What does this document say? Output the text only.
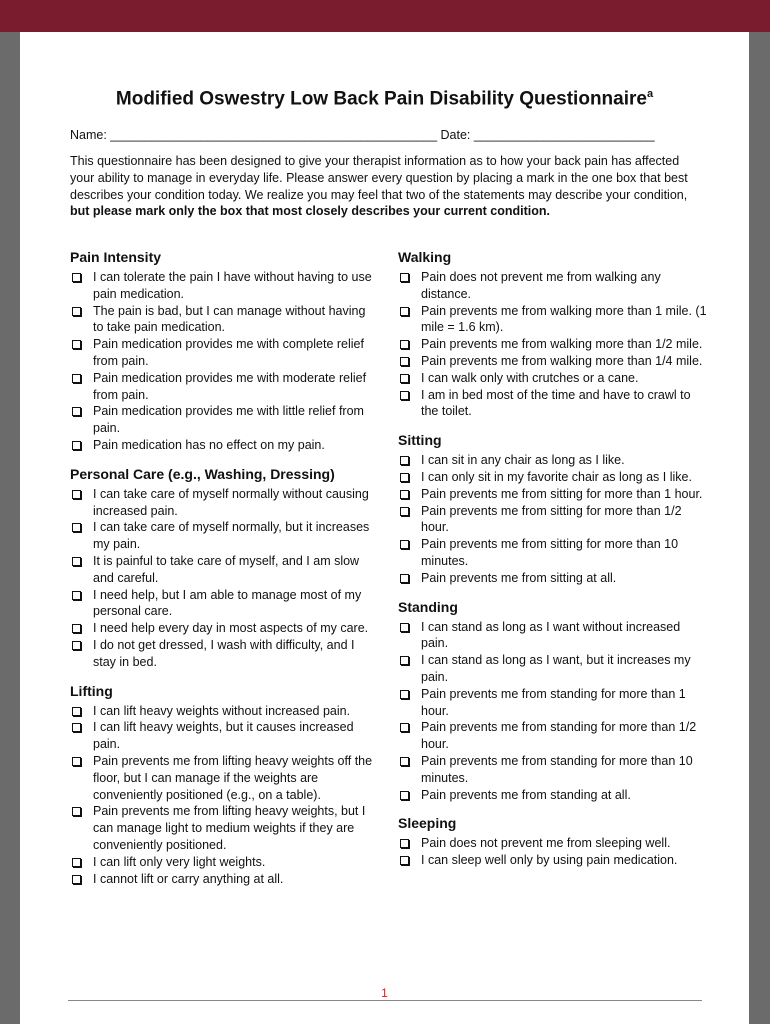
Modified Oswestry Low Back Pain Disability Questionnaire$^a$
Name: _______________________________________________ Date: __________________________

This questionnaire has been designed to give your therapist information as to how your back pain has affected your ability to manage in everyday life. Please answer every question by placing a mark in the one box that best describes your condition today. We realize you may feel that two of the statements may describe your condition, but please mark only the box that most closely describes your current condition.

Pain Intensity
I can tolerate the pain I have without having to use pain medication.
The pain is bad, but I can manage without having to take pain medication.
Pain medication provides me with complete relief from pain.
Pain medication provides me with moderate relief from pain.
Pain medication provides me with little relief from pain.
Pain medication has no effect on my pain.
Personal Care (e.g., Washing, Dressing)
I can take care of myself normally without causing increased pain.
I can take care of myself normally, but it increases my pain.
It is painful to take care of myself, and I am slow and careful.
I need help, but I am able to manage most of my personal care.
I need help every day in most aspects of my care.
I do not get dressed, I wash with difficulty, and I stay in bed.
Lifting
I can lift heavy weights without increased pain.
I can lift heavy weights, but it causes increased pain.
Pain prevents me from lifting heavy weights off the floor, but I can manage if the weights are conveniently positioned (e.g., on a table).
Pain prevents me from lifting heavy weights, but I can manage light to medium weights if they are conveniently positioned.
I can lift only very light weights.
I cannot lift or carry anything at all.
Walking
Pain does not prevent me from walking any distance.
Pain prevents me from walking more than 1 mile. (1 mile = 1.6 km).
Pain prevents me from walking more than 1/2 mile.
Pain prevents me from walking more than 1/4 mile.
I can walk only with crutches or a cane.
I am in bed most of the time and have to crawl to the toilet.
Sitting
I can sit in any chair as long as I like.
I can only sit in my favorite chair as long as I like.
Pain prevents me from sitting for more than 1 hour.
Pain prevents me from sitting for more than 1/2 hour.
Pain prevents me from sitting for more than 10 minutes.
Pain prevents me from sitting at all.
Standing
I can stand as long as I want without increased pain.
I can stand as long as I want, but it increases my pain.
Pain prevents me from standing for more than 1 hour.
Pain prevents me from standing for more than 1/2 hour.
Pain prevents me from standing for more than 10 minutes.
Pain prevents me from standing at all.
Sleeping
Pain does not prevent me from sleeping well.
I can sleep well only by using pain medication.
1
